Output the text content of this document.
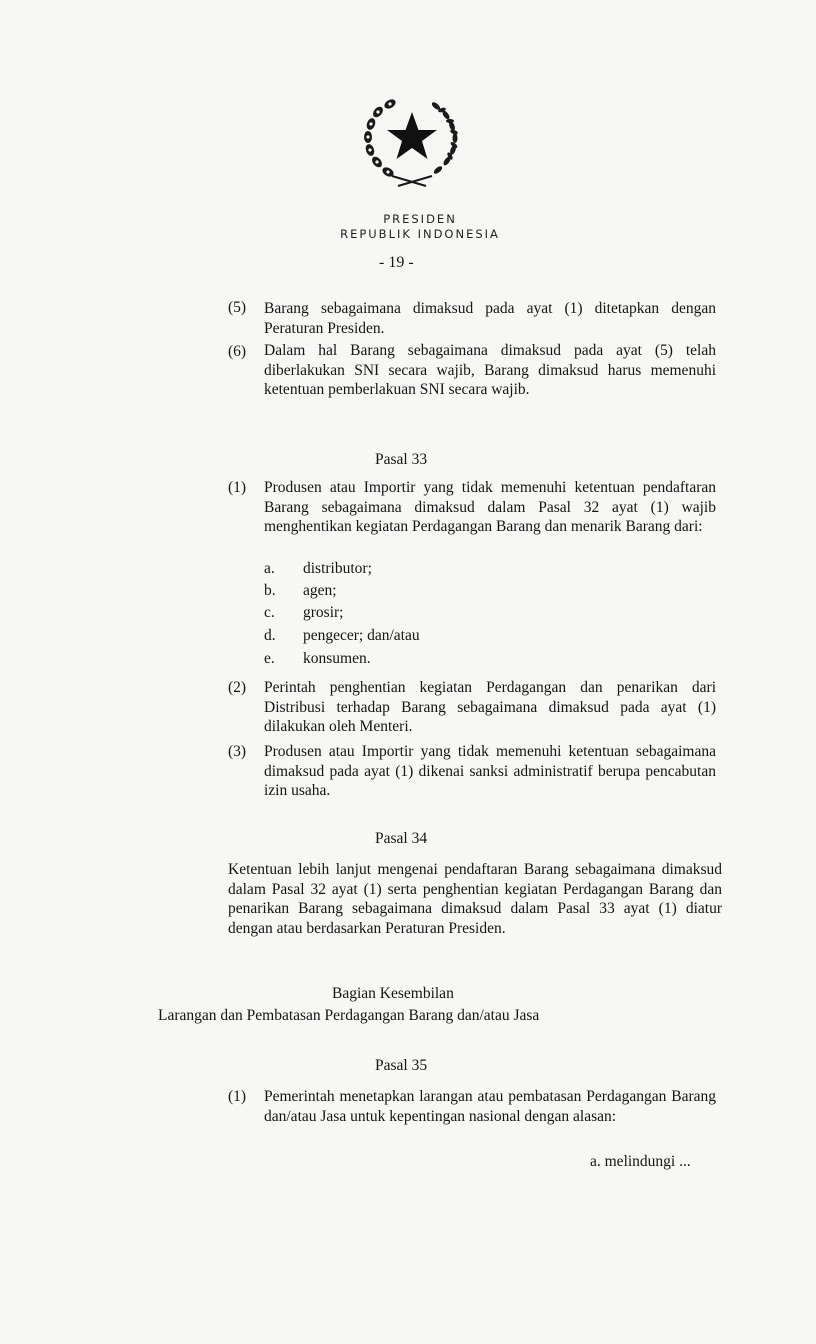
PRESIDEN
REPUBLIK INDONESIA
- 19 -
(5)	Barang sebagaimana dimaksud pada ayat (1) ditetapkan dengan Peraturan Presiden.
(6)	Dalam hal Barang sebagaimana dimaksud pada ayat (5) telah diberlakukan SNI secara wajib, Barang dimaksud harus memenuhi ketentuan pemberlakuan SNI secara wajib.
Pasal 33
(1)	Produsen atau Importir yang tidak memenuhi ketentuan pendaftaran Barang sebagaimana dimaksud dalam Pasal 32 ayat (1) wajib menghentikan kegiatan Perdagangan Barang dan menarik Barang dari:
a. distributor;
b. agen;
c. grosir;
d. pengecer; dan/atau
e. konsumen.
(2)	Perintah penghentian kegiatan Perdagangan dan penarikan dari Distribusi terhadap Barang sebagaimana dimaksud pada ayat (1) dilakukan oleh Menteri.
(3)	Produsen atau Importir yang tidak memenuhi ketentuan sebagaimana dimaksud pada ayat (1) dikenai sanksi administratif berupa pencabutan izin usaha.
Pasal 34
Ketentuan lebih lanjut mengenai pendaftaran Barang sebagaimana dimaksud dalam Pasal 32 ayat (1) serta penghentian kegiatan Perdagangan Barang dan penarikan Barang sebagaimana dimaksud dalam Pasal 33 ayat (1) diatur dengan atau berdasarkan Peraturan Presiden.
Bagian Kesembilan
Larangan dan Pembatasan Perdagangan Barang dan/atau Jasa
Pasal 35
(1)	Pemerintah menetapkan larangan atau pembatasan Perdagangan Barang dan/atau Jasa untuk kepentingan nasional dengan alasan:
a. melindungi ...
